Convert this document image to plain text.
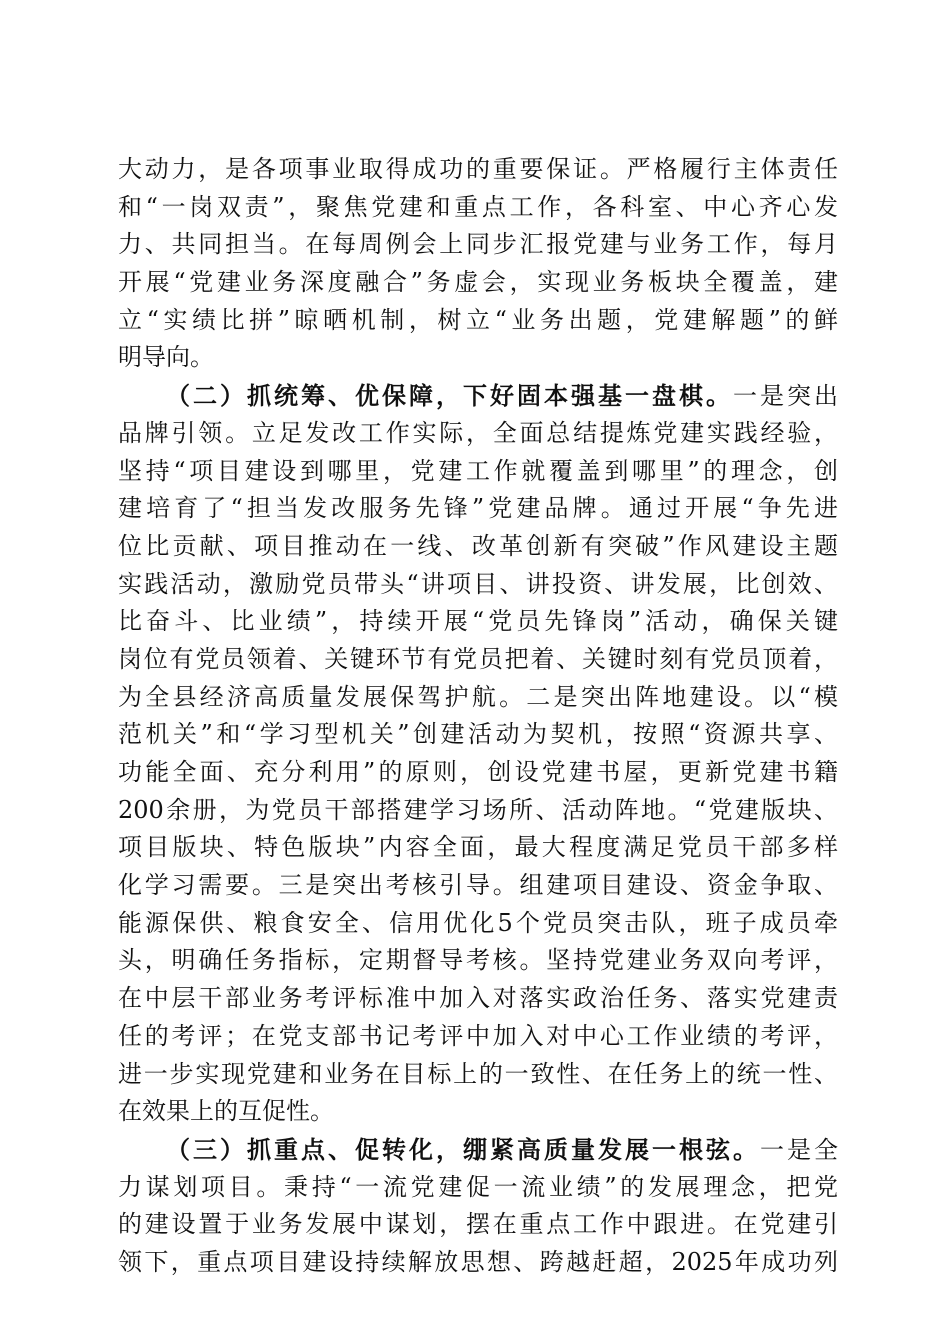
大动力，是各项事业取得成功的重要保证。严格履行主体责任
和“一岗双责”，聚焦党建和重点工作，各科室、中心齐心发
力、共同担当。在每周例会上同步汇报党建与业务工作，每月
开展“党建业务深度融合”务虚会，实现业务板块全覆盖，建
立“实绩比拼”晾晒机制，树立“业务出题，党建解题”的鲜
明导向。
（二）抓统筹、优保障，下好固本强基一盘棋。一是突出
品牌引领。立足发改工作实际，全面总结提炼党建实践经验，
坚持“项目建设到哪里，党建工作就覆盖到哪里”的理念，创
建培育了“担当发改服务先锋”党建品牌。通过开展“争先进
位比贡献、项目推动在一线、改革创新有突破”作风建设主题
实践活动，激励党员带头“讲项目、讲投资、讲发展，比创效、
比奋斗、比业绩”，持续开展“党员先锋岗”活动，确保关键
岗位有党员领着、关键环节有党员把着、关键时刻有党员顶着，
为全县经济高质量发展保驾护航。二是突出阵地建设。以“模
范机关”和“学习型机关”创建活动为契机，按照“资源共享、
功能全面、充分利用”的原则，创设党建书屋，更新党建书籍
200余册，为党员干部搭建学习场所、活动阵地。“党建版块、
项目版块、特色版块”内容全面，最大程度满足党员干部多样
化学习需要。三是突出考核引导。组建项目建设、资金争取、
能源保供、粮食安全、信用优化5个党员突击队，班子成员牵
头，明确任务指标，定期督导考核。坚持党建业务双向考评，
在中层干部业务考评标准中加入对落实政治任务、落实党建责
任的考评；在党支部书记考评中加入对中心工作业绩的考评，
进一步实现党建和业务在目标上的一致性、在任务上的统一性、
在效果上的互促性。
（三）抓重点、促转化，绷紧高质量发展一根弦。一是全
力谋划项目。秉持“一流党建促一流业绩”的发展理念，把党
的建设置于业务发展中谋划，摆在重点工作中跟进。在党建引
领下，重点项目建设持续解放思想、跨越赶超，2025年成功列
